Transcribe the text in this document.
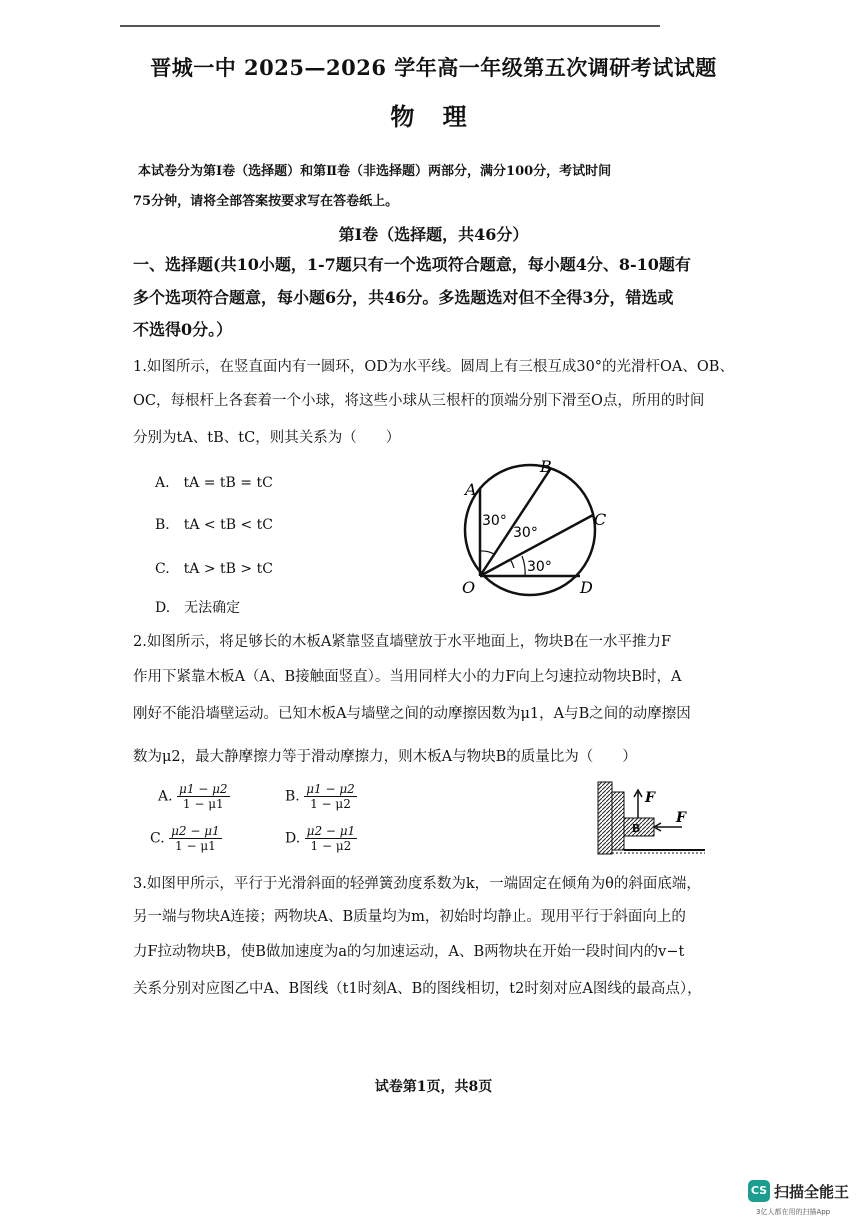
晋城一中 2025—2026 学年高一年级第五次调研考试试题
物 理
本试卷分为第Ⅰ卷（选择题）和第Ⅱ卷（非选择题）两部分，满分100分，考试时间
75分钟，请将全部答案按要求写在答卷纸上。
第Ⅰ卷（选择题，共46分）
一、选择题(共10小题，1-7题只有一个选项符合题意，每小题4分、8-10题有
多个选项符合题意，每小题6分，共46分。多选题选对但不全得3分，错选或
不选得0分。）
1.如图所示，在竖直面内有一圆环，OD为水平线。圆周上有三根互成30°的光滑杆OA、OB、
OC，每根杆上各套着一个小球，将这些小球从三根杆的顶端分别下滑至O点，所用的时间
分别为tA、tB、tC，则其关系为（　　）
A.　tA = tB = tC
B.　tA < tB < tC
C.　tA > tB > tC
D.　无法确定
A
B
C
D
O
30°
30°
30°
2.如图所示，将足够长的木板A紧靠竖直墙壁放于水平地面上，物块B在一水平推力F
作用下紧靠木板A（A、B接触面竖直）。当用同样大小的力F向上匀速拉动物块B时，A
刚好不能沿墙壁运动。已知木板A与墙壁之间的动摩擦因数为μ1，A与B之间的动摩擦因
数为μ2，最大静摩擦力等于滑动摩擦力，则木板A与物块B的质量比为（　　）
A. $\frac{\mu 1 - \mu 2}{1 - \mu 1}$	B. $\frac{\mu 1 - \mu 2}{1 - \mu 2}$
C. $\frac{\mu 2 - \mu 1}{1 - \mu 1}$	D. $\frac{\mu 2 - \mu 1}{1 - \mu 2}$
F
F
B
3.如图甲所示，平行于光滑斜面的轻弹簧劲度系数为k，一端固定在倾角为θ的斜面底端，
另一端与物块A连接；两物块A、B质量均为m，初始时均静止。现用平行于斜面向上的
力F拉动物块B，使B做加速度为a的匀加速运动，A、B两物块在开始一段时间内的v−t
关系分别对应图乙中A、B图线（t1时刻A、B的图线相切，t2时刻对应A图线的最高点），
试卷第1页，共8页
CS 扫描全能王
3亿人都在用的扫描App
